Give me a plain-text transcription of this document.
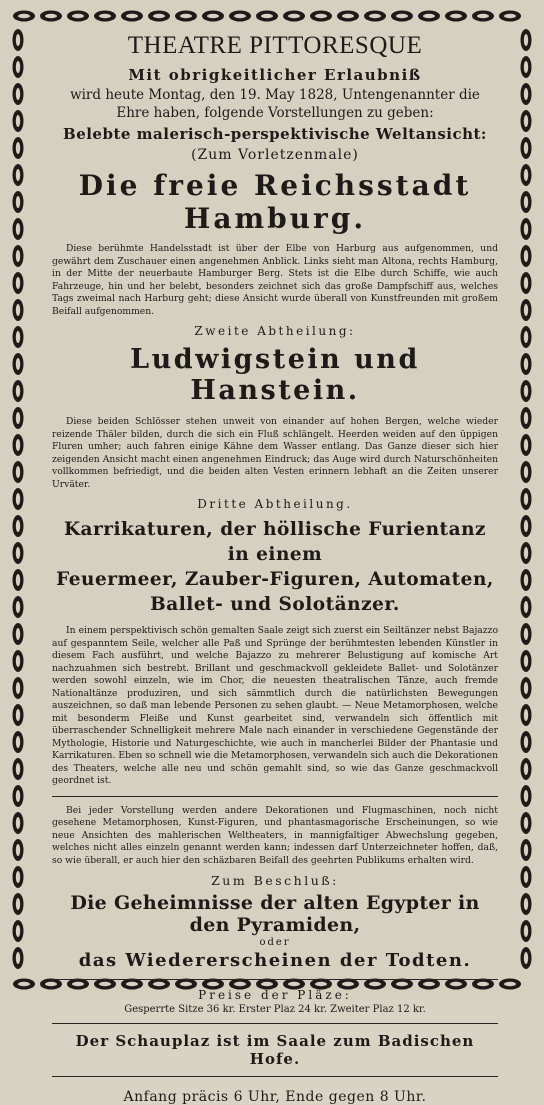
THEATRE PITTORESQUE
Mit obrigkeitlicher Erlaubniß
wird heute Montag, den 19. May 1828, Untengenannter die Ehre haben, folgende Vorstellungen zu geben:
Belebte malerisch-perspektivische Weltansicht:
(Zum Vorletzenmale)
Die freie Reichsstadt Hamburg.
Diese berühmte Handelsstadt ist über der Elbe von Harburg aus aufgenommen, und gewährt dem Zuschauer einen angenehmen Anblick. Links sieht man Altona, rechts Hamburg, in der Mitte der neuerbaute Hamburger Berg. Stets ist die Elbe durch Schiffe, wie auch Fahrzeuge, hin und her belebt, besonders zeichnet sich das große Dampfschiff aus, welches Tags zweimal nach Harburg geht; diese Ansicht wurde überall von Kunstfreunden mit großem Beifall aufgenommen.
Zweite Abtheilung:
Ludwigstein und Hanstein.
Diese beiden Schlösser stehen unweit von einander auf hohen Bergen, welche wieder reizende Thäler bilden, durch die sich ein Fluß schlängelt. Heerden weiden auf den üppigen Fluren umher; auch fahren einige Kähne dem Wasser entlang. Das Ganze dieser sich hier zeigenden Ansicht macht einen angenehmen Eindruck; das Auge wird durch Naturschönheiten vollkommen befriedigt, und die beiden alten Vesten erinnern lebhaft an die Zeiten unserer Urväter.
Dritte Abtheilung.
Karrikaturen, der höllische Furientanz in einem
Feuermeer, Zauber-Figuren, Automaten,
Ballet- und Solotänzer.
In einem perspektivisch schön gemalten Saale zeigt sich zuerst ein Seiltänzer nebst Bajazzo auf gespanntem Seile, welcher alle Paß und Sprünge der berühmtesten lebenden Künstler in diesem Fach ausführt, und welche Bajazzo zu mehrerer Belustigung auf komische Art nachzuahmen sich bestrebt. Brillant und geschmackvoll gekleidete Ballet- und Solotänzer werden sowohl einzeln, wie im Chor, die neuesten theatralischen Tänze, auch fremde Nationaltänze produziren, und sich sämmtlich durch die natürlichsten Bewegungen auszeichnen, so daß man lebende Personen zu sehen glaubt. — Neue Metamorphosen, welche mit besonderm Fleiße und Kunst gearbeitet sind, verwandeln sich öffentlich mit überraschender Schnelligkeit mehrere Male nach einander in verschiedene Gegenstände der Mythologie, Historie und Naturgeschichte, wie auch in mancherlei Bilder der Phantasie und Karrikaturen. Eben so schnell wie die Metamorphosen, verwandeln sich auch die Dekorationen des Theaters, welche alle neu und schön gemahlt sind, so wie das Ganze geschmackvoll geordnet ist.
Bei jeder Vorstellung werden andere Dekorationen und Flugmaschinen, noch nicht gesehene Metamorphosen, Kunst-Figuren, und phantasmagorische Erscheinungen, so wie neue Ansichten des mahlerischen Weltheaters, in mannigfaltiger Abwechslung gegeben, welches nicht alles einzeln genannt werden kann; indessen darf Unterzeichneter hoffen, daß, so wie überall, er auch hier den schäzbaren Beifall des geehrten Publikums erhalten wird.
Zum Beschluß:
Die Geheimnisse der alten Egypter in den Pyramiden,
oder
das Wiedererscheinen der Todten.
Preise der Pläze:
Gesperrte Sitze 36 kr. Erster Plaz 24 kr. Zweiter Plaz 12 kr.
Der Schauplaz ist im Saale zum Badischen Hofe.
Anfang präcis 6 Uhr, Ende gegen 8 Uhr.
